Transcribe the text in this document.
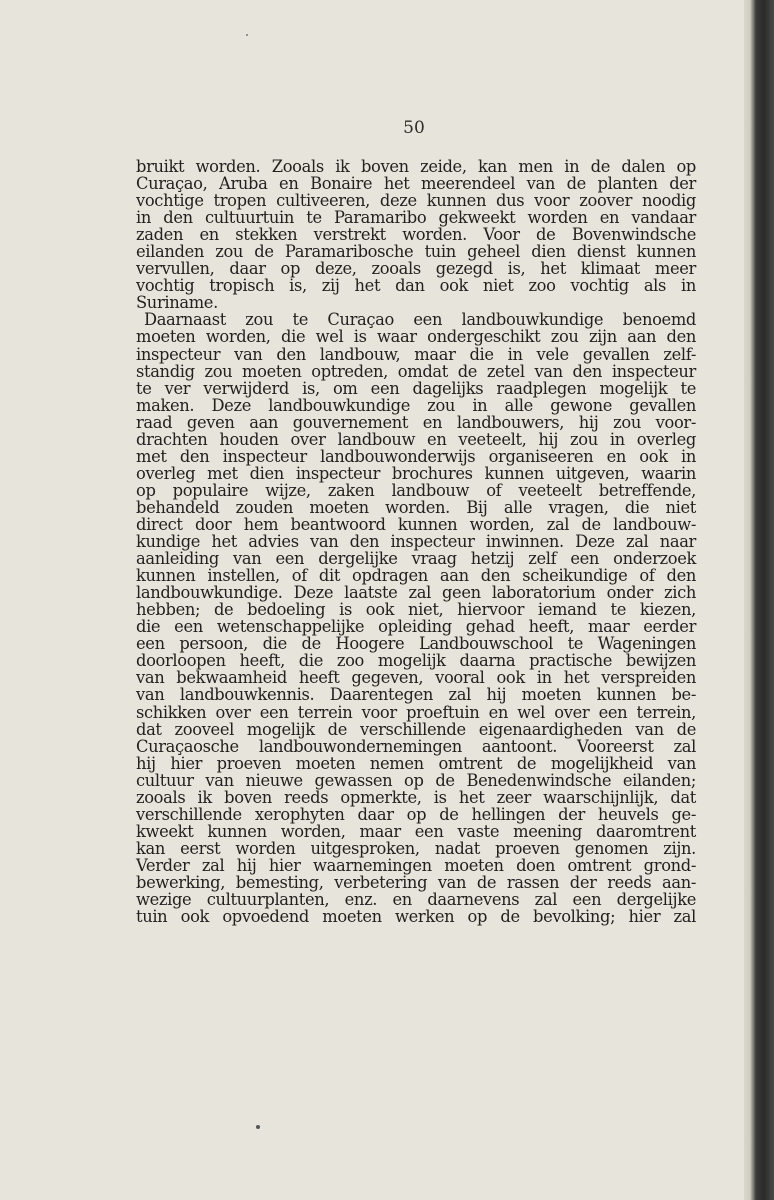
50
bruikt worden. Zooals ik boven zeide, kan men in de dalen op
Curaçao, Aruba en Bonaire het meerendeel van de planten der
vochtige tropen cultiveeren, deze kunnen dus voor zoover noodig
in den cultuurtuin te Paramaribo gekweekt worden en vandaar
zaden en stekken verstrekt worden. Voor de Bovenwindsche
eilanden zou de Paramaribosche tuin geheel dien dienst kunnen
vervullen, daar op deze, zooals gezegd is, het klimaat meer
vochtig tropisch is, zij het dan ook niet zoo vochtig als in
Suriname.
Daarnaast zou te Curaçao een landbouwkundige benoemd
moeten worden, die wel is waar ondergeschikt zou zijn aan den
inspecteur van den landbouw, maar die in vele gevallen zelf-
standig zou moeten optreden, omdat de zetel van den inspecteur
te ver verwijderd is, om een dagelijks raadplegen mogelijk te
maken. Deze landbouwkundige zou in alle gewone gevallen
raad geven aan gouvernement en landbouwers, hij zou voor-
drachten houden over landbouw en veeteelt, hij zou in overleg
met den inspecteur landbouwonderwijs organiseeren en ook in
overleg met dien inspecteur brochures kunnen uitgeven, waarin
op populaire wijze, zaken landbouw of veeteelt betreffende,
behandeld zouden moeten worden. Bij alle vragen, die niet
direct door hem beantwoord kunnen worden, zal de landbouw-
kundige het advies van den inspecteur inwinnen. Deze zal naar
aanleiding van een dergelijke vraag hetzij zelf een onderzoek
kunnen instellen, of dit opdragen aan den scheikundige of den
landbouwkundige. Deze laatste zal geen laboratorium onder zich
hebben; de bedoeling is ook niet, hiervoor iemand te kiezen,
die een wetenschappelijke opleiding gehad heeft, maar eerder
een persoon, die de Hoogere Landbouwschool te Wageningen
doorloopen heeft, die zoo mogelijk daarna practische bewijzen
van bekwaamheid heeft gegeven, vooral ook in het verspreiden
van landbouwkennis. Daarentegen zal hij moeten kunnen be-
schikken over een terrein voor proeftuin en wel over een terrein,
dat zooveel mogelijk de verschillende eigenaardigheden van de
Curaçaosche landbouwondernemingen aantoont. Vooreerst zal
hij hier proeven moeten nemen omtrent de mogelijkheid van
cultuur van nieuwe gewassen op de Benedenwindsche eilanden;
zooals ik boven reeds opmerkte, is het zeer waarschijnlijk, dat
verschillende xerophyten daar op de hellingen der heuvels ge-
kweekt kunnen worden, maar een vaste meening daaromtrent
kan eerst worden uitgesproken, nadat proeven genomen zijn.
Verder zal hij hier waarnemingen moeten doen omtrent grond-
bewerking, bemesting, verbetering van de rassen der reeds aan-
wezige cultuurplanten, enz. en daarnevens zal een dergelijke
tuin ook opvoedend moeten werken op de bevolking; hier zal
